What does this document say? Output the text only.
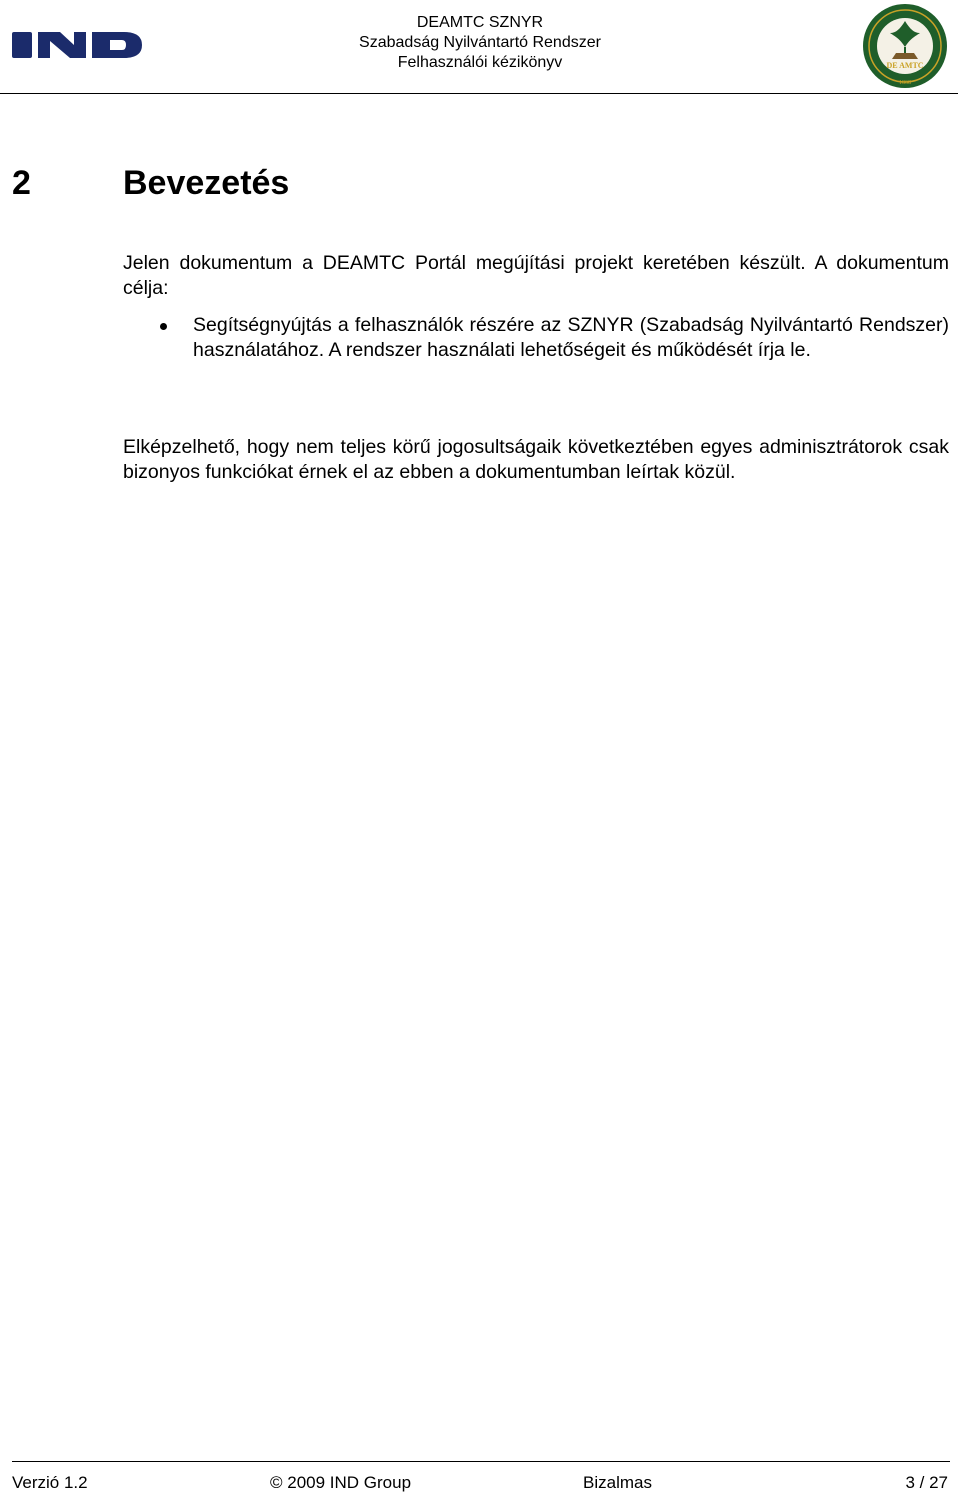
IND
DEAMTC SZNYR
Szabadság Nyilvántartó Rendszer
Felhasználói kézikönyv	DE AMTC
1868
2	Bevezetés
Jelen dokumentum a DEAMTC Portál megújítási projekt keretében készült. A dokumentum célja:
Segítségnyújtás a felhasználók részére az SZNYR (Szabadság Nyilvántartó Rendszer) használatához. A rendszer használati lehetőségeit és működését írja le.
Elképzelhető, hogy nem teljes körű jogosultságaik következtében egyes adminisztrátorok csak bizonyos funkciókat érnek el az ebben a dokumentumban leírtak közül.
Verzió 1.2	© 2009 IND Group	Bizalmas	3 / 27
